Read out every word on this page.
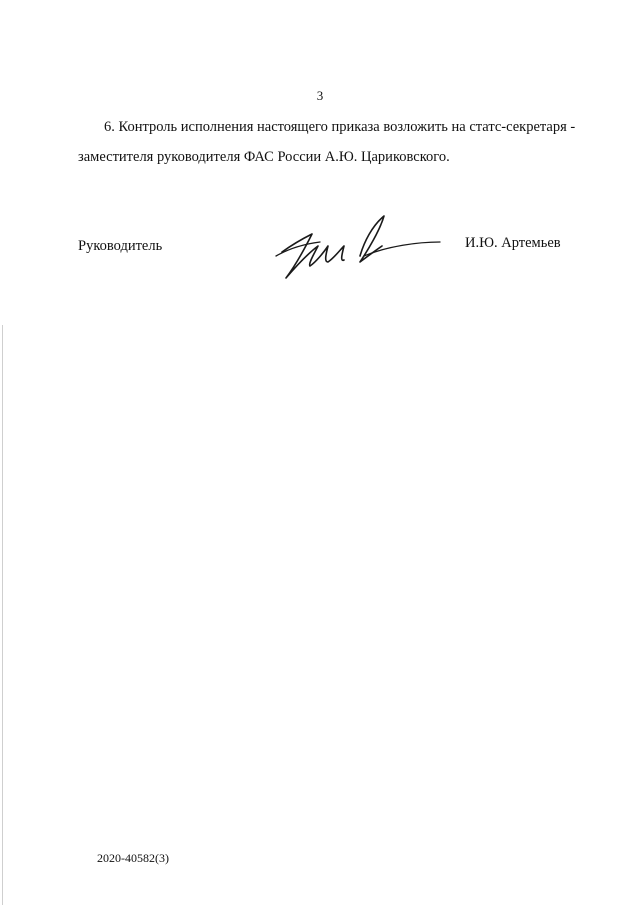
3
6. Контроль исполнения настоящего приказа возложить на статс-секретаря -
заместителя руководителя ФАС России А.Ю. Цариковского.
Руководитель	И.Ю. Артемьев
2020-40582(3)
